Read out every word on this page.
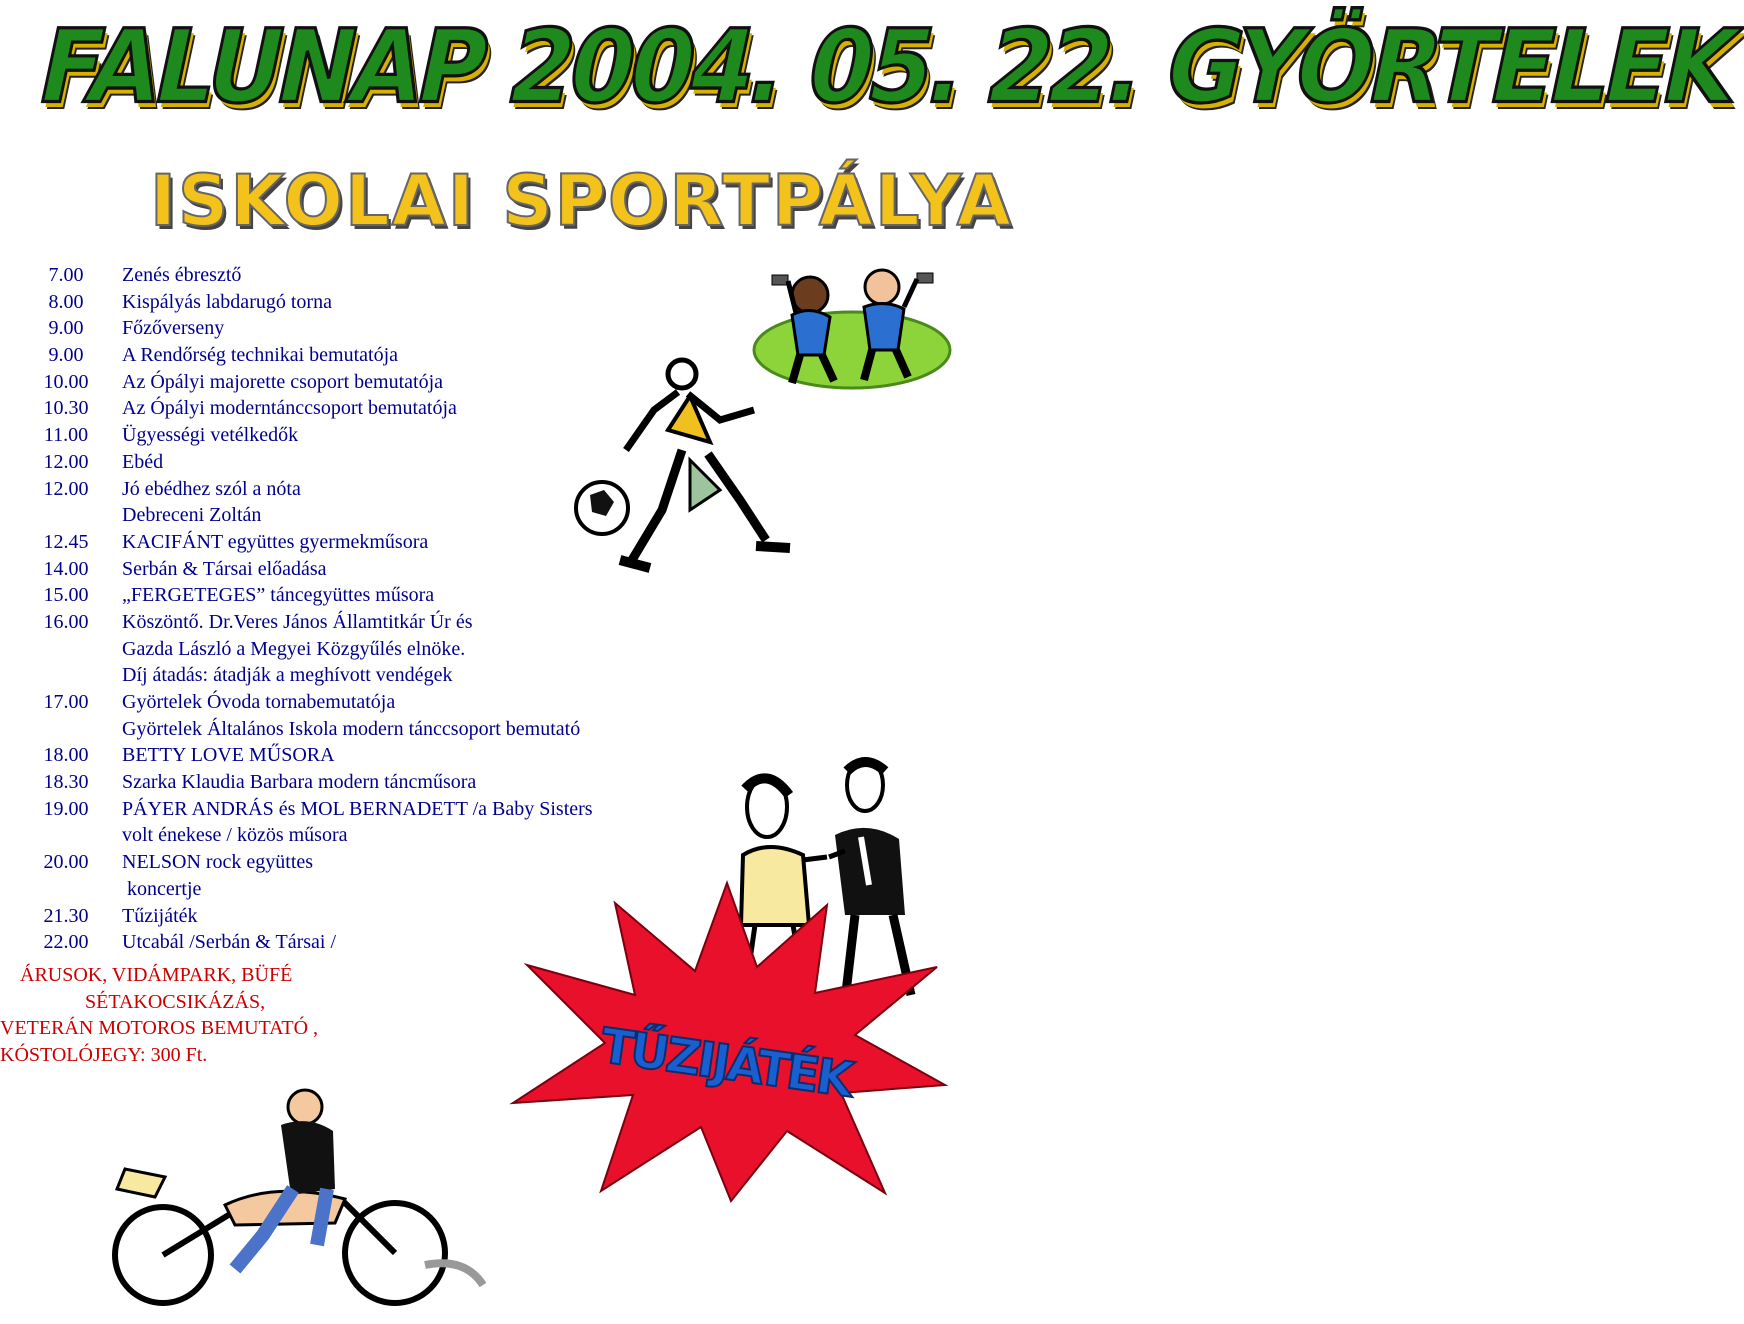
FALUNAP 2004. 05. 22. GYÖRTELEK
ISKOLAI SPORTPÁLYA
7.00	Zenés ébresztő
8.00	Kispályás labdarugó torna
9.00	Főzőverseny
9.00	A Rendőrség technikai bemutatója
10.00	Az Ópályi majorette csoport bemutatója
10.30	Az Ópályi moderntánccsoport bemutatója
11.00	Ügyességi vetélkedők
12.00	Ebéd
12.00	Jó ebédhez szól a nóta
Debreceni Zoltán
12.45	KACIFÁNT együttes gyermekműsora
14.00	Serbán & Társai előadása
15.00	„FERGETEGES” táncegyüttes műsora
16.00	Köszöntő. Dr.Veres János Államtitkár Úr és
Gazda László a Megyei Közgyűlés elnöke.
Díj átadás: átadják a meghívott vendégek
17.00	Györtelek Óvoda tornabemutatója
Györtelek Általános Iskola modern tánccsoport bemutató
18.00	BETTY LOVE MŰSORA
18.30	Szarka Klaudia Barbara modern táncműsora
19.00	PÁYER ANDRÁS és MOL BERNADETT /a Baby Sisters
volt énekese / közös műsora
20.00	NELSON rock együttes
koncertje
21.30	Tűzijáték
22.00	Utcabál /Serbán & Társai /
ÁRUSOK, VIDÁMPARK, BÜFÉ
SÉTAKOCSIKÁZÁS,
VETERÁN MOTOROS BEMUTATÓ ,
KÓSTOLÓJEGY: 300 Ft.	TŰZIJÁTÉK
